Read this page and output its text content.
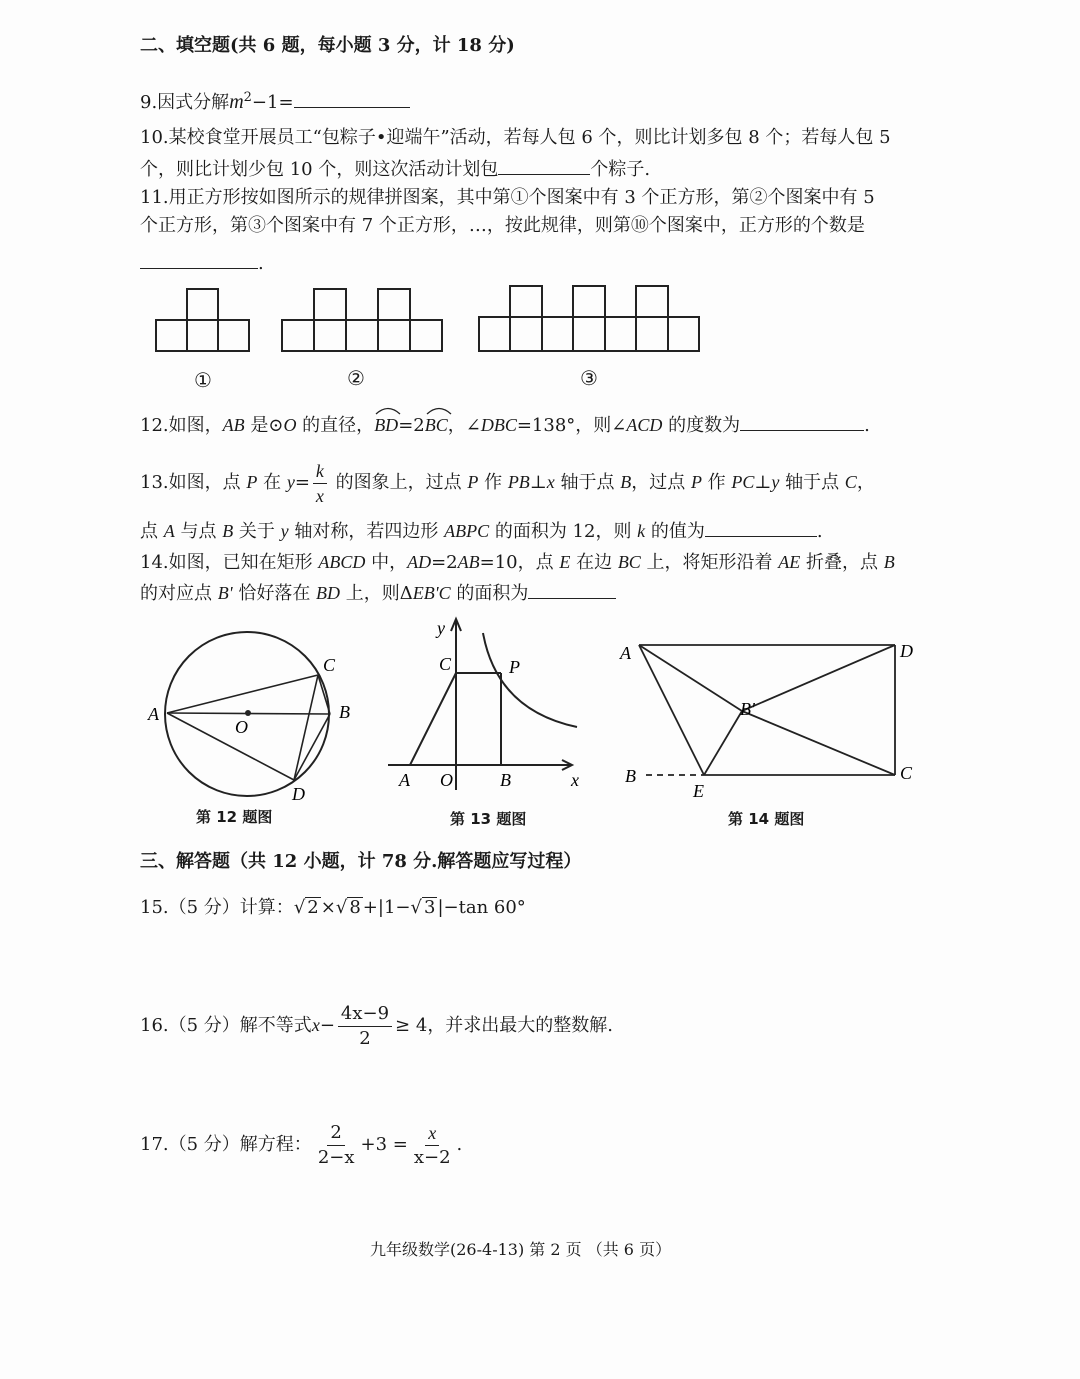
二、填空题(共 6 题，每小题 3 分，计 18 分)
9.因式分解$m^2-1=$
10.某校食堂开展员工“包粽子•迎端午”活动，若每人包 6 个，则比计划多包 8 个；若每人包 5
个，则比计划少包 10 个，则这次活动计划包	个粽子.
11.用正方形按如图所示的规律拼图案，其中第①个图案中有 3 个正方形，第②个图案中有 5
个正方形，第③个图案中有 7 个正方形，…，按此规律，则第⑩个图案中，正方形的个数是
.
①	②	③
12.如图，AB 是⊙O 的直径，
BD=2
BC，∠DBC=138°，则∠ACD 的度数为	.
13.如图，点 P 在 $y= \frac{k}{x}$ 的图象上，过点 P 作 PB⊥x 轴于点 B，过点 P 作 PC⊥y 轴于点 C，
点 A 与点 B 关于 y 轴对称，若四边形 ABPC 的面积为 12，则 k 的值为	.
14.如图，已知在矩形 ABCD 中，AD=2AB=10，点 E 在边 BC 上，将矩形沿着 AE 折叠，点 B
的对应点 B' 恰好落在 BD 上，则ΔEB'C 的面积为
A	B
C
D
O
第 12 题图
y
x
C	P
A O	B
第 13 题图
A	D
B'
B
E
C
第 14 题图
三、解答题（共 12 小题，计 78 分.解答题应写过程）
15.（5 分）计算：√ 2 ×√ 8 +|1−√ 3 |−tan 60°
16.（5 分）解不等式$x- \frac{4x-9}{2} \ge 4$，并求出最大的整数解.
17.（5 分）解方程： $\frac{2}{2-x} +3 = \frac{x}{x-2}$ .
九年级数学(26-4-13) 第 2 页 （共 6 页）
